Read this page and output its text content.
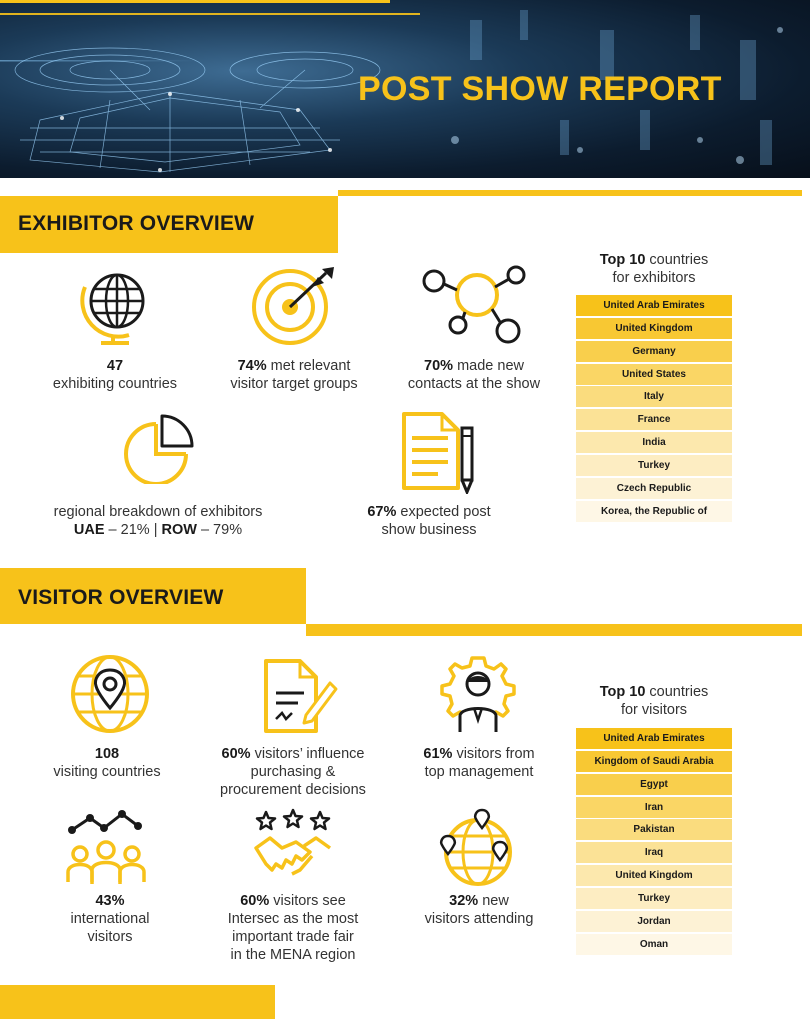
POST SHOW REPORT
EXHIBITOR OVERVIEW
47
exhibiting countries
74% met relevant
visitor target groups
70% made new
contacts at the show
regional breakdown of exhibitors
UAE – 21% | ROW – 79%
67% expected post
show business
Top 10 countries
for exhibitors
United Arab Emirates
United Kingdom
Germany
United States
Italy
France
India
Turkey
Czech Republic
Korea, the Republic of
VISITOR OVERVIEW
108
visiting countries
60% visitors’ influence
purchasing &
procurement decisions
61% visitors from
top management
43%
international
visitors
60% visitors see
Intersec as the most
important trade fair
in the MENA region
32% new
visitors attending
Top 10 countries
for visitors
United Arab Emirates
Kingdom of Saudi Arabia
Egypt
Iran
Pakistan
Iraq
United Kingdom
Turkey
Jordan
Oman
